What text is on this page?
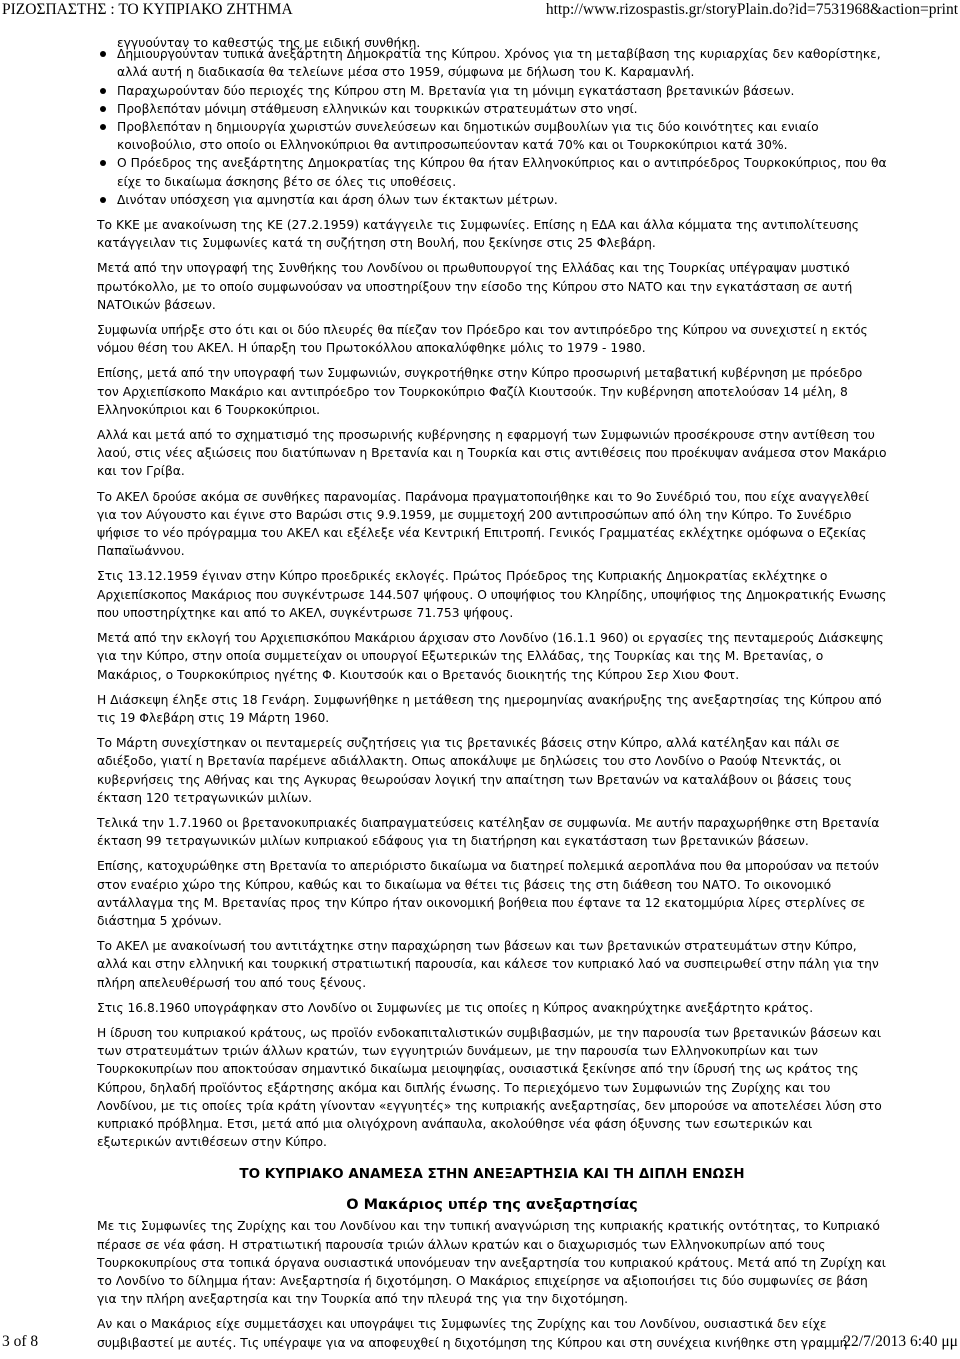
ΡΙΖΟΣΠΑΣΤΗΣ : ΤΟ ΚΥΠΡΙΑΚΟ ΖΗΤΗΜΑ	http://www.rizospastis.gr/storyPlain.do?id=7531968&action=print

εγγυούνταν το καθεστώς της με ειδική συνθήκη.

Δημιουργούνταν τυπικά ανεξάρτητη Δημοκρατία της Κύπρου. Χρόνος για τη μεταβίβαση της κυριαρχίας δεν καθορίστηκε, αλλά αυτή η διαδικασία θα τελείωνε μέσα στο 1959, σύμφωνα με δήλωση του Κ. Καραμανλή.
Παραχωρούνταν δύο περιοχές της Κύπρου στη Μ. Βρετανία για τη μόνιμη εγκατάσταση βρετανικών βάσεων.
Προβλεπόταν μόνιμη στάθμευση ελληνικών και τουρκικών στρατευμάτων στο νησί.
Προβλεπόταν η δημιουργία χωριστών συνελεύσεων και δημοτικών συμβουλίων για τις δύο κοινότητες και ενιαίο κοινοβούλιο, στο οποίο οι Ελληνοκύπριοι θα αντιπροσωπεύονταν κατά 70% και οι Τουρκοκύπριοι κατά 30%.
Ο Πρόεδρος της ανεξάρτητης Δημοκρατίας της Κύπρου θα ήταν Ελληνοκύπριος και ο αντιπρόεδρος Τουρκοκύπριος, που θα είχε το δικαίωμα άσκησης βέτο σε όλες τις υποθέσεις.
Δινόταν υπόσχεση για αμνηστία και άρση όλων των έκτακτων μέτρων.

Το ΚΚΕ με ανακοίνωση της ΚΕ (27.2.1959) κατάγγειλε τις Συμφωνίες. Επίσης η ΕΔΑ και άλλα κόμματα της αντιπολίτευσης κατάγγειλαν τις Συμφωνίες κατά τη συζήτηση στη Βουλή, που ξεκίνησε στις 25 Φλεβάρη.

Μετά από την υπογραφή της Συνθήκης του Λονδίνου οι πρωθυπουργοί της Ελλάδας και της Τουρκίας υπέγραψαν μυστικό πρωτόκολλο, με το οποίο συμφωνούσαν να υποστηρίξουν την είσοδο της Κύπρου στο ΝΑΤΟ και την εγκατάσταση σε αυτή ΝΑΤΟικών βάσεων.

Συμφωνία υπήρξε στο ότι και οι δύο πλευρές θα πίεζαν τον Πρόεδρο και τον αντιπρόεδρο της Κύπρου να συνεχιστεί η εκτός νόμου θέση του ΑΚΕΛ. Η ύπαρξη του Πρωτοκόλλου αποκαλύφθηκε μόλις το 1979 - 1980.

Επίσης, μετά από την υπογραφή των Συμφωνιών, συγκροτήθηκε στην Κύπρο προσωρινή μεταβατική κυβέρνηση με πρόεδρο τον Αρχιεπίσκοπο Μακάριο και αντιπρόεδρο τον Τουρκοκύπριο Φαζίλ Κιουτσούκ. Την κυβέρνηση αποτελούσαν 14 μέλη, 8 Ελληνοκύπριοι και 6 Τουρκοκύπριοι.

Αλλά και μετά από το σχηματισμό της προσωρινής κυβέρνησης η εφαρμογή των Συμφωνιών προσέκρουσε στην αντίθεση του λαού, στις νέες αξιώσεις που διατύπωναν η Βρετανία και η Τουρκία και στις αντιθέσεις που προέκυψαν ανάμεσα στον Μακάριο και τον Γρίβα.

Το ΑΚΕΛ δρούσε ακόμα σε συνθήκες παρανομίας. Παράνομα πραγματοποιήθηκε και το 9ο Συνέδριό του, που είχε αναγγελθεί για τον Αύγουστο και έγινε στο Βαρώσι στις 9.9.1959, με συμμετοχή 200 αντιπροσώπων από όλη την Κύπρο. Το Συνέδριο ψήφισε το νέο πρόγραμμα του ΑΚΕΛ και εξέλεξε νέα Κεντρική Επιτροπή. Γενικός Γραμματέας εκλέχτηκε ομόφωνα ο Εζεκίας Παπαϊωάννου.

Στις 13.12.1959 έγιναν στην Κύπρο προεδρικές εκλογές. Πρώτος Πρόεδρος της Κυπριακής Δημοκρατίας εκλέχτηκε ο Αρχιεπίσκοπος Μακάριος που συγκέντρωσε 144.507 ψήφους. Ο υποψήφιος του Κληρίδης, υποψήφιος της Δημοκρατικής Ενωσης που υποστηρίχτηκε και από το ΑΚΕΛ, συγκέντρωσε 71.753 ψήφους.

Μετά από την εκλογή του Αρχιεπισκόπου Μακάριου άρχισαν στο Λονδίνο (16.1.1 960) οι εργασίες της πενταμερούς Διάσκεψης για την Κύπρο, στην οποία συμμετείχαν οι υπουργοί Εξωτερικών της Ελλάδας, της Τουρκίας και της Μ. Βρετανίας, ο Μακάριος, ο Τουρκοκύπριος ηγέτης Φ. Κιουτσούκ και ο Βρετανός διοικητής της Κύπρου Σερ Χιου Φουτ.

Η Διάσκεψη έληξε στις 18 Γενάρη. Συμφωνήθηκε η μετάθεση της ημερομηνίας ανακήρυξης της ανεξαρτησίας της Κύπρου από τις 19 Φλεβάρη στις 19 Μάρτη 1960.

Το Μάρτη συνεχίστηκαν οι πενταμερείς συζητήσεις για τις βρετανικές βάσεις στην Κύπρο, αλλά κατέληξαν και πάλι σε αδιέξοδο, γιατί η Βρετανία παρέμενε αδιάλλακτη. Οπως αποκάλυψε με δηλώσεις του στο Λονδίνο ο Ραούφ Ντενκτάς, οι κυβερνήσεις της Αθήνας και της Αγκυρας θεωρούσαν λογική την απαίτηση των Βρετανών να καταλάβουν οι βάσεις τους έκταση 120 τετραγωνικών μιλίων.

Τελικά την 1.7.1960 οι βρετανοκυπριακές διαπραγματεύσεις κατέληξαν σε συμφωνία. Με αυτήν παραχωρήθηκε στη Βρετανία έκταση 99 τετραγωνικών μιλίων κυπριακού εδάφους για τη διατήρηση και εγκατάσταση των βρετανικών βάσεων.

Επίσης, κατοχυρώθηκε στη Βρετανία το απεριόριστο δικαίωμα να διατηρεί πολεμικά αεροπλάνα που θα μπορούσαν να πετούν στον εναέριο χώρο της Κύπρου, καθώς και το δικαίωμα να θέτει τις βάσεις της στη διάθεση του ΝΑΤΟ. Το οικονομικό αντάλλαγμα της Μ. Βρετανίας προς την Κύπρο ήταν οικονομική βοήθεια που έφτανε τα 12 εκατομμύρια λίρες στερλίνες σε διάστημα 5 χρόνων.

Το ΑΚΕΛ με ανακοίνωσή του αντιτάχτηκε στην παραχώρηση των βάσεων και των βρετανικών στρατευμάτων στην Κύπρο, αλλά και στην ελληνική και τουρκική στρατιωτική παρουσία, και κάλεσε τον κυπριακό λαό να συσπειρωθεί στην πάλη για την πλήρη απελευθέρωσή του από τους ξένους.

Στις 16.8.1960 υπογράφηκαν στο Λονδίνο οι Συμφωνίες με τις οποίες η Κύπρος ανακηρύχτηκε ανεξάρτητο κράτος.

Η ίδρυση του κυπριακού κράτους, ως προϊόν ενδοκαπιταλιστικών συμβιβασμών, με την παρουσία των βρετανικών βάσεων και των στρατευμάτων τριών άλλων κρατών, των εγγυητριών δυνάμεων, με την παρουσία των Ελληνοκυπρίων και των Τουρκοκυπρίων που αποκτούσαν σημαντικό δικαίωμα μειοψηφίας, ουσιαστικά ξεκίνησε από την ίδρυσή της ως κράτος της Κύπρου, δηλαδή προϊόντος εξάρτησης ακόμα και διπλής ένωσης. Το περιεχόμενο των Συμφωνιών της Ζυρίχης και του Λονδίνου, με τις οποίες τρία κράτη γίνονταν «εγγυητές» της κυπριακής ανεξαρτησίας, δεν μπορούσε να αποτελέσει λύση στο κυπριακό πρόβλημα. Ετσι, μετά από μια ολιγόχρονη ανάπαυλα, ακολούθησε νέα φάση όξυνσης των εσωτερικών και εξωτερικών αντιθέσεων στην Κύπρο.

ΤΟ ΚΥΠΡΙΑΚΟ ΑΝΑΜΕΣΑ ΣΤΗΝ ΑΝΕΞΑΡΤΗΣΙΑ ΚΑΙ ΤΗ ΔΙΠΛΗ ΕΝΩΣΗ
Ο Μακάριος υπέρ της ανεξαρτησίας

Με τις Συμφωνίες της Ζυρίχης και του Λονδίνου και την τυπική αναγνώριση της κυπριακής κρατικής οντότητας, το Κυπριακό πέρασε σε νέα φάση. Η στρατιωτική παρουσία τριών άλλων κρατών και ο διαχωρισμός των Ελληνοκυπρίων από τους Τουρκοκυπρίους στα τοπικά όργανα ουσιαστικά υπονόμευαν την ανεξαρτησία του κυπριακού κράτους. Μετά από τη Ζυρίχη και το Λονδίνο το δίλημμα ήταν: Ανεξαρτησία ή διχοτόμηση. Ο Μακάριος επιχείρησε να αξιοποιήσει τις δύο συμφωνίες σε βάση για την πλήρη ανεξαρτησία και την Τουρκία από την πλευρά της για την διχοτόμηση.

Αν και ο Μακάριος είχε συμμετάσχει και υπογράψει τις Συμφωνίες της Ζυρίχης και του Λονδίνου, ουσιαστικά δεν είχε συμβιβαστεί με αυτές. Τις υπέγραψε για να αποφευχθεί η διχοτόμηση της Κύπρου και στη συνέχεια κινήθηκε στη γραμμή

3 of 8	22/7/2013 6:40 μμ
